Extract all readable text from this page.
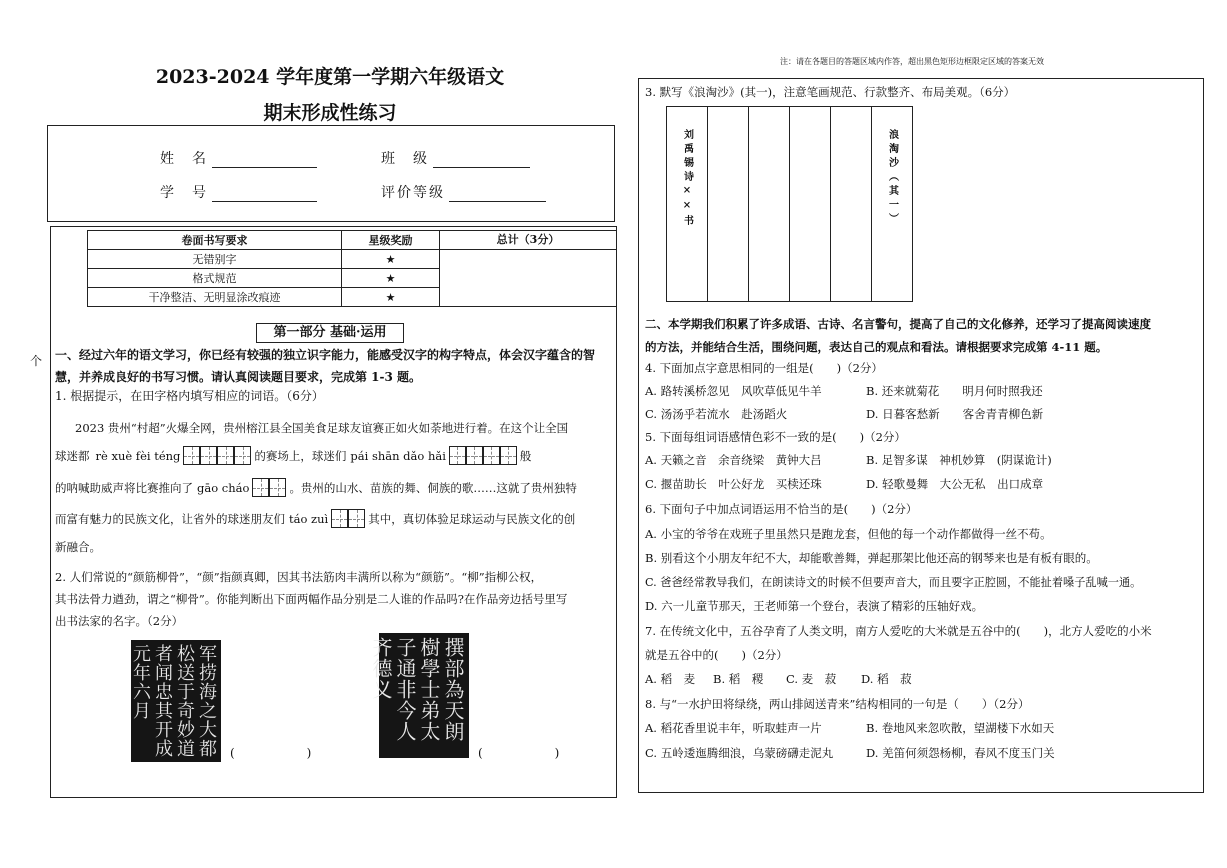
2023-2024 学年度第一学期六年级语文
期末形成性练习
姓　名	班　级
学　号	评价等级
卷面书写要求	星级奖励	总计（3分）
无错别字	★	
格式规范	★	
干净整洁、无明显涂改痕迹	★	
第一部分 基础·运用
个 一、经过六年的语文学习，你已经有较强的独立识字能力，能感受汉字的构字特点，体会汉字蕴含的智
慧，并养成良好的书写习惯。请认真阅读题目要求，完成第 1-3 题。
1. 根据提示，在田字格内填写相应的词语。（6分）
2023 贵州“村超”火爆全网，贵州榕江县全国美食足球友谊赛正如火如荼地进行着。在这个让全国
球迷都 rè xuè fèi téng	的赛场上，球迷们 pái shān dǎo hǎi	般
的呐喊助威声将比赛推向了 gāo cháo	。贵州的山水、苗族的舞、侗族的歌……这就了贵州独特
而富有魅力的民族文化，让省外的球迷朋友们 táo zuì	其中，真切体验足球运动与民族文化的创
新融合。
2. 人们常说的“颜筋柳骨”，“颜”指颜真卿，因其书法筋肉丰满所以称为“颜筋”。“柳”指柳公权，
其书法骨力遒劲，谓之“柳骨”。你能判断出下面两幅作品分别是二人谁的作品吗?在作品旁边括号里写
出书法家的名字。（2分）
军捞海之大都松送于奇妙道者闻忠其开成元年六月
(　　　　　　)
撰部為天朗樹學士弟太子通非今人齐德义
(　　　　　　)
注：请在各题目的答题区域内作答，超出黑色矩形边框限定区域的答案无效
3. 默写《浪淘沙》(其一)，注意笔画规范、行款整齐、布局美观。（6分）
浪淘沙（其一）
刘禹锡诗××书
二、本学期我们积累了许多成语、古诗、名言警句，提高了自己的文化修养，还学习了提高阅读速度
的方法，并能结合生活，围绕问题，表达自己的观点和看法。请根据要求完成第 4-11 题。
4. 下面加点字意思相同的一组是(　　)（2分）
A. 路转溪桥忽见　风吹草低见牛羊	B. 还来就菊花　　明月何时照我还
C. 汤汤乎若流水　赴汤蹈火	D. 日暮客愁新　　客舍青青柳色新
5. 下面每组词语感情色彩不一致的是(　　)（2分）
A. 天籁之音　余音绕梁　黄钟大吕	B. 足智多谋　神机妙算　(阴谋诡计)
C. 揠苗助长　叶公好龙　买椟还珠	D. 轻歌曼舞　大公无私　出口成章
6. 下面句子中加点词语运用不恰当的是(　　)（2分）
A. 小宝的爷爷在戏班子里虽然只是跑龙套，但他的每一个动作都做得一丝不苟。
B. 别看这个小朋友年纪不大，却能歌善舞，弹起那架比他还高的钢琴来也是有板有眼的。
C. 爸爸经常教导我们，在朗读诗文的时候不但要声音大，而且要字正腔圆，不能扯着嗓子乱喊一通。
D. 六一儿童节那天，王老师第一个登台，表演了精彩的压轴好戏。
7. 在传统文化中，五谷孕育了人类文明，南方人爱吃的大米就是五谷中的(　　)，北方人爱吃的小米
就是五谷中的(　　)（2分）
A. 稻　麦 B. 稻　稷 C. 麦　菽 D. 稻　菽
8. 与“一水护田将绿绕，两山排闼送青来”结构相同的一句是（　　）（2分）
A. 稻花香里说丰年，听取蛙声一片	B. 卷地风来忽吹散，望湖楼下水如天
C. 五岭逶迤腾细浪，乌蒙磅礴走泥丸	D. 羌笛何须怨杨柳，春风不度玉门关
